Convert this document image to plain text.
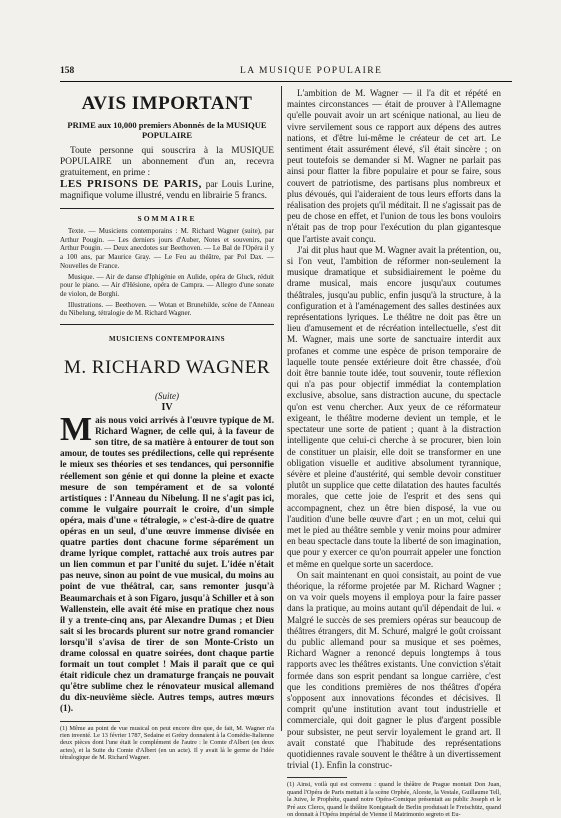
158	LA MUSIQUE POPULAIRE
AVIS IMPORTANT
PRIME aux 10,000 premiers Abonnés de la MUSIQUE POPULAIRE
Toute personne qui souscrira à la MUSIQUE POPULAIRE un abonnement d'un an, recevra gratuitement, en prime :
LES PRISONS DE PARIS, par Louis Lurine, magnifique volume illustré, vendu en librairie 5 francs.
SOMMAIRE

Texte. — Musiciens contemporains : M. Richard Wagner (suite), par Arthur Pougin. — Les derniers jours d'Auber, Notes et souvenirs, par Arthur Pougin. — Deux anecdotes sur Beethoven. — Le Bal de l'Opéra il y a 100 ans, par Maurice Gray. — Le Feu au théâtre, par Pol Dax. — Nouvelles de France.

Musique. — Air de danse d'Iphigénie en Aulide, opéra de Gluck, réduit pour le piano. — Air d'Hésione, opéra de Campra. — Allegro d'une sonate de violon, de Borghi.

Illustrations. — Beethoven. — Wotan et Brunehilde, scène de l'Anneau du Nibelung, tétralogie de M. Richard Wagner.

MUSICIENS CONTEMPORAINS
M. RICHARD WAGNER
(Suite)
IV
M ais nous voici arrivés à l'œuvre typique de M. Richard Wagner, de celle qui, à la faveur de son titre, de sa matière à entourer de tout son amour, de toutes ses prédilections, celle qui représente le mieux ses théories et ses tendances, qui personnifie réellement son génie et qui donne la pleine et exacte mesure de son tempérament et de sa volonté artistiques : l'Anneau du Nibelung. Il ne s'agit pas ici, comme le vulgaire pourrait le croire, d'un simple opéra, mais d'une « tétralogie, » c'est-à-dire de quatre opéras en un seul, d'une œuvre immense divisée en quatre parties dont chacune forme séparément un drame lyrique complet, rattaché aux trois autres par un lien commun et par l'unité du sujet. L'idée n'était pas neuve, sinon au point de vue musical, du moins au point de vue théâtral, car, sans remonter jusqu'à Beaumarchais et à son Figaro, jusqu'à Schiller et à son Wallenstein, elle avait été mise en pratique chez nous il y a trente-cinq ans, par Alexandre Dumas ; et Dieu sait si les brocards plurent sur notre grand romancier lorsqu'il s'avisa de tirer de son Monte-Cristo un drame colossal en quatre soirées, dont chaque partie formait un tout complet ! Mais il paraît que ce qui était ridicule chez un dramaturge français ne pouvait qu'être sublime chez le rénovateur musical allemand du dix-neuvième siècle. Autres temps, autres mœurs (1).
(1) Même au point de vue musical on peut encore dire que, de fait, M. Wagner n'a rien inventé. Le 13 février 1787, Sedaine et Grétry donnaient à la Comédie-Italienne deux pièces dont l'une était le complément de l'autre : le Comte d'Albert (en deux actes), et la Suite du Comte d'Albert (en un acte). Il y avait là le germe de l'idée tétralogique de M. Richard Wagner.

L'ambition de M. Wagner — il l'a dit et répété en maintes circonstances — était de prouver à l'Allemagne qu'elle pouvait avoir un art scénique national, au lieu de vivre servilement sous ce rapport aux dépens des autres nations, et d'être lui-même le créateur de cet art. Le sentiment était assurément élevé, s'il était sincère ; on peut toutefois se demander si M. Wagner ne parlait pas ainsi pour flatter la fibre populaire et pour se faire, sous couvert de patriotisme, des partisans plus nombreux et plus dévoués, qui l'aideraient de tous leurs efforts dans la réalisation des projets qu'il méditait. Il ne s'agissait pas de peu de chose en effet, et l'union de tous les bons vouloirs n'était pas de trop pour l'exécution du plan gigantesque que l'artiste avait conçu.

J'ai dit plus haut que M. Wagner avait la prétention, ou, si l'on veut, l'ambition de réformer non-seulement la musique dramatique et subsidiairement le poème du drame musical, mais encore jusqu'aux coutumes théâtrales, jusqu'au public, enfin jusqu'à la structure, à la configuration et à l'aménagement des salles destinées aux représentations lyriques. Le théâtre ne doit pas être un lieu d'amusement et de récréation intellectuelle, s'est dit M. Wagner, mais une sorte de sanctuaire interdit aux profanes et comme une espèce de prison temporaire de laquelle toute pensée extérieure doit être chassée, d'où doit être bannie toute idée, tout souvenir, toute réflexion qui n'a pas pour objectif immédiat la contemplation exclusive, absolue, sans distraction aucune, du spectacle qu'on est venu chercher. Aux yeux de ce réformateur exigeant, le théâtre moderne devient un temple, et le spectateur une sorte de patient ; quant à la distraction intelligente que celui-ci cherche à se procurer, bien loin de constituer un plaisir, elle doit se transformer en une obligation visuelle et auditive absolument tyrannique, sévère et pleine d'austérité, qui semble devoir constituer plutôt un supplice que cette dilatation des hautes facultés morales, que cette joie de l'esprit et des sens qui accompagnent, chez un être bien disposé, la vue ou l'audition d'une belle œuvre d'art ; en un mot, celui qui met le pied au théâtre semble y venir moins pour admirer en beau spectacle dans toute la liberté de son imagination, que pour y exercer ce qu'on pourrait appeler une fonction et même en quelque sorte un sacerdoce.

On sait maintenant en quoi consistait, au point de vue théorique, la réforme projetée par M. Richard Wagner ; on va voir quels moyens il employa pour la faire passer dans la pratique, au moins autant qu'il dépendait de lui. « Malgré le succès de ses premiers opéras sur beaucoup de théâtres étrangers, dit M. Schuré, malgré le goût croissant du public allemand pour sa musique et ses poèmes, Richard Wagner a renoncé depuis longtemps à tous rapports avec les théâtres existants. Une conviction s'était formée dans son esprit pendant sa longue carrière, c'est que les conditions premières de nos théâtres d'opéra s'opposent aux innovations fécondes et décisives. Il comprit qu'une institution avant tout industrielle et commerciale, qui doit gagner le plus d'argent possible pour subsister, ne peut servir loyalement le grand art. Il avait constaté que l'habitude des représentations quotidiennes ravale souvent le théâtre à un divertissement trivial (1). Enfin la construc-

(1) Ainsi, voilà qui est convenu : quand le théâtre de Prague montait Don Juan, quand l'Opéra de Paris mettait à la scène Orphée, Alceste, la Vestale, Guillaume Tell, la Juive, le Prophète, quand notre Opéra-Comique présentait au public Joseph et le Pré aux Clercs, quand le théâtre Konigstadt de Berlin produisait le Freischütz, quand on donnait à l'Opéra impérial de Vienne il Matrimonio segreto et Eu-
